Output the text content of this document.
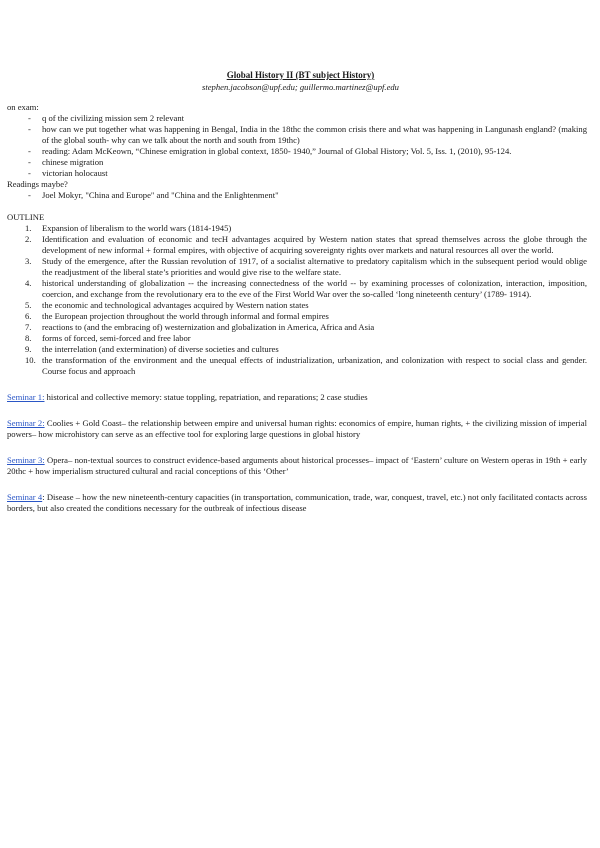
Global History II (BT subject History)
stephen.jacobson@upf.edu; guillermo.martinez@upf.edu
on exam:
- q of the civilizing mission sem 2 relevant
- how can we put together what was happening in Bengal, India in the 18thc the common crisis there and what was happening in Langunash england? (making of the global south- why can we talk about the north and south from 19thc)
- reading: Adam McKeown, “Chinese emigration in global context, 1850- 1940,” Journal of Global History; Vol. 5, Iss. 1, (2010), 95-124.
- chinese migration
- victorian holocaust
Readings maybe?
- Joel Mokyr, "China and Europe" and "China and the Enlightenment"
OUTLINE
1. Expansion of liberalism to the world wars (1814-1945)
2. Identification and evaluation of economic and tecH advantages acquired by Western nation states that spread themselves across the globe through the development of new informal + formal empires, with objective of acquiring sovereignty rights over markets and natural resources all over the world.
3. Study of the emergence, after the Russian revolution of 1917, of a socialist alternative to predatory capitalism which in the subsequent period would oblige the readjustment of the liberal state’s priorities and would give rise to the welfare state.
4. historical understanding of globalization -- the increasing connectedness of the world -- by examining processes of colonization, interaction, imposition, coercion, and exchange from the revolutionary era to the eve of the First World War over the so-called ‘long nineteenth century’ (1789- 1914).
5. the economic and technological advantages acquired by Western nation states
6. the European projection throughout the world through informal and formal empires
7. reactions to (and the embracing of) westernization and globalization in America, Africa and Asia
8. forms of forced, semi-forced and free labor
9. the interrelation (and extermination) of diverse societies and cultures
10. the transformation of the environment and the unequal effects of industrialization, urbanization, and colonization with respect to social class and gender. Course focus and approach
Seminar 1: historical and collective memory: statue toppling, repatriation, and reparations; 2 case studies
Seminar 2: Coolies + Gold Coast– the relationship between empire and universal human rights: economics of empire, human rights, + the civilizing mission of imperial powers– how microhistory can serve as an effective tool for exploring large questions in global history
Seminar 3: Opera– non-textual sources to construct evidence-based arguments about historical processes– impact of ‘Eastern’ culture on Western operas in 19th + early 20thc + how imperialism structured cultural and racial conceptions of this ‘Other’
Seminar 4: Disease – how the new nineteenth-century capacities (in transportation, communication, trade, war, conquest, travel, etc.) not only facilitated contacts across borders, but also created the conditions necessary for the outbreak of infectious disease
